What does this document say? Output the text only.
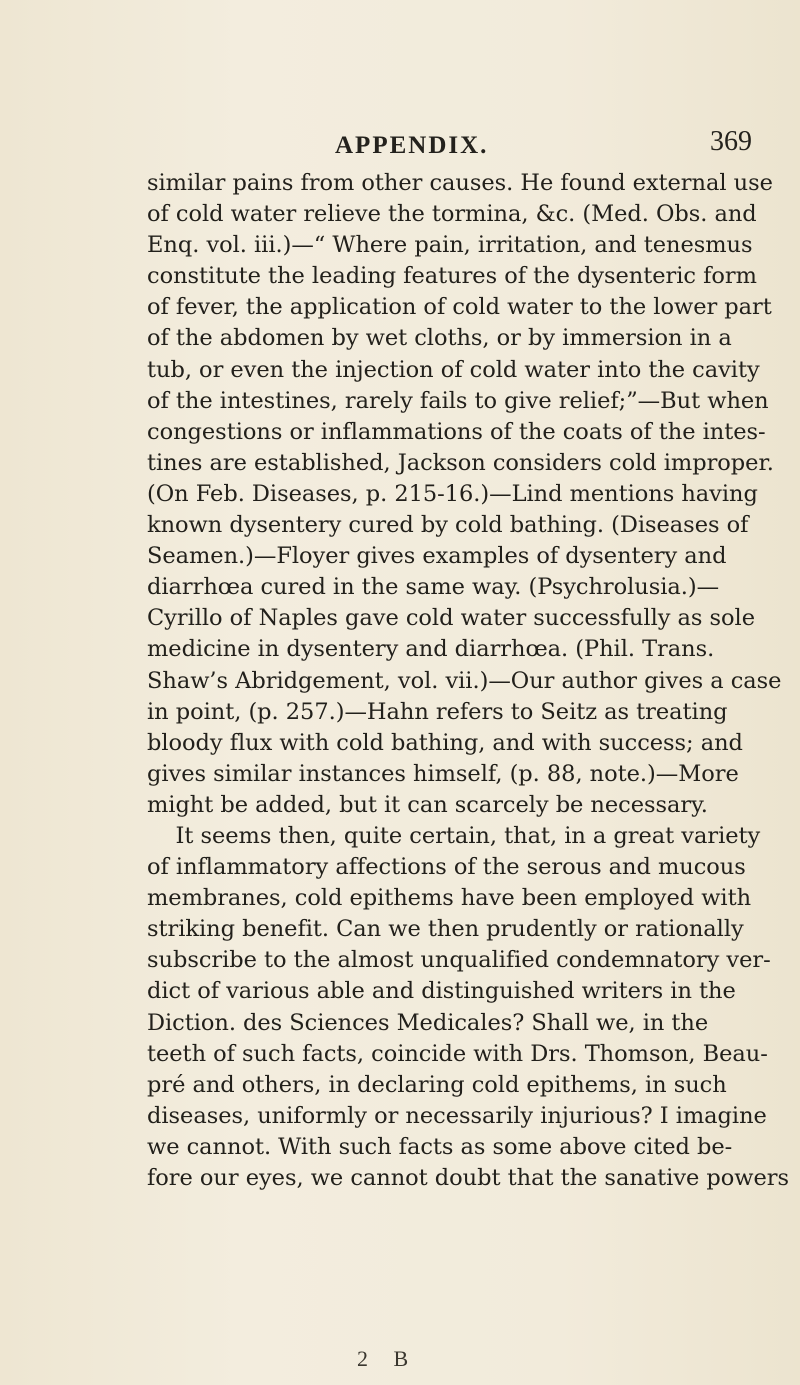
APPENDIX.	369
similar pains from other causes. He found external use
of cold water relieve the tormina, &c. (Med. Obs. and
Enq. vol. iii.)—“ Where pain, irritation, and tenesmus
constitute the leading features of the dysenteric form
of fever, the application of cold water to the lower part
of the abdomen by wet cloths, or by immersion in a
tub, or even the injection of cold water into the cavity
of the intestines, rarely fails to give relief;”—But when
congestions or inflammations of the coats of the intes-
tines are established, Jackson considers cold improper.
(On Feb. Diseases, p. 215-16.)—Lind mentions having
known dysentery cured by cold bathing. (Diseases of
Seamen.)—Floyer gives examples of dysentery and
diarrhœa cured in the same way. (Psychrolusia.)—
Cyrillo of Naples gave cold water successfully as sole
medicine in dysentery and diarrhœa. (Phil. Trans.
Shaw’s Abridgement, vol. vii.)—Our author gives a case
in point, (p. 257.)—Hahn refers to Seitz as treating
bloody flux with cold bathing, and with success; and
gives similar instances himself, (p. 88, note.)—More
might be added, but it can scarcely be necessary.
It seems then, quite certain, that, in a great variety
of inflammatory affections of the serous and mucous
membranes, cold epithems have been employed with
striking benefit. Can we then prudently or rationally
subscribe to the almost unqualified condemnatory ver-
dict of various able and distinguished writers in the
Diction. des Sciences Medicales? Shall we, in the
teeth of such facts, coincide with Drs. Thomson, Beau-
pré and others, in declaring cold epithems, in such
diseases, uniformly or necessarily injurious? I imagine
we cannot. With such facts as some above cited be-
fore our eyes, we cannot doubt that the sanative powers
2 B
